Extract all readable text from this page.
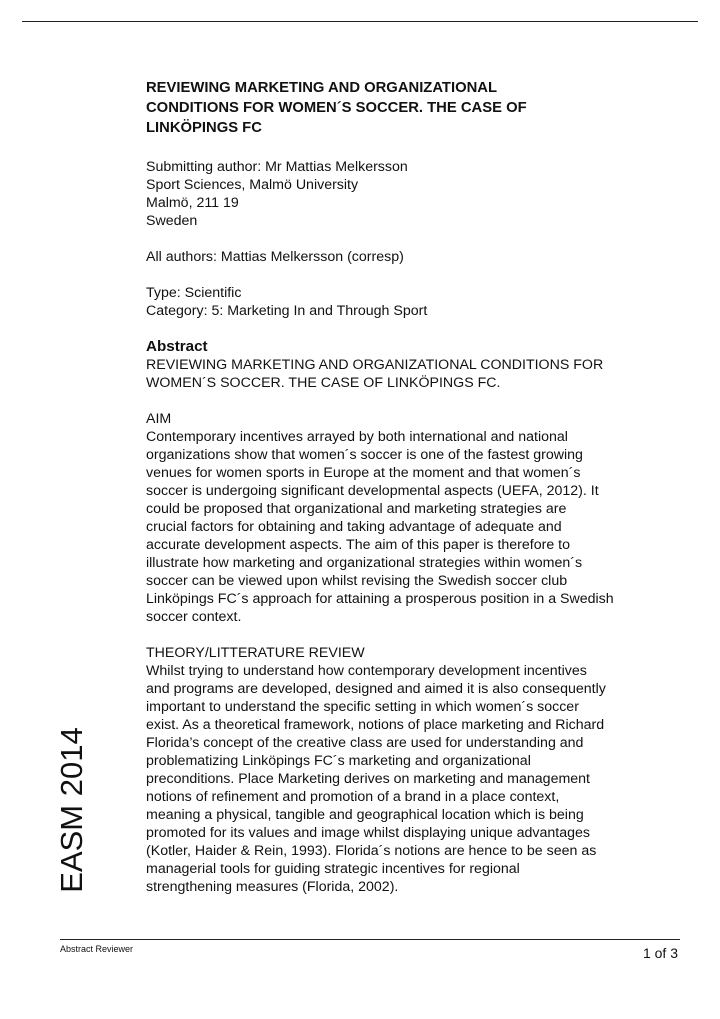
EASM 2014
REVIEWING MARKETING AND ORGANIZATIONAL
CONDITIONS FOR WOMEN´S SOCCER. THE CASE OF
LINKÖPINGS FC

Submitting author: Mr Mattias Melkersson

Sport Sciences, Malmö University

Malmö, 211 19

Sweden

All authors: Mattias Melkersson (corresp)

Type: Scientific

Category: 5: Marketing In and Through Sport

Abstract

REVIEWING MARKETING AND ORGANIZATIONAL CONDITIONS FOR

WOMEN´S SOCCER. THE CASE OF LINKÖPINGS FC.

AIM

Contemporary incentives arrayed by both international and national

organizations show that women´s soccer is one of the fastest growing

venues for women sports in Europe at the moment and that women´s

soccer is undergoing significant developmental aspects (UEFA, 2012). It

could be proposed that organizational and marketing strategies are

crucial factors for obtaining and taking advantage of adequate and

accurate development aspects. The aim of this paper is therefore to

illustrate how marketing and organizational strategies within women´s

soccer can be viewed upon whilst revising the Swedish soccer club

Linköpings FC´s approach for attaining a prosperous position in a Swedish

soccer context.

THEORY/LITTERATURE REVIEW

Whilst trying to understand how contemporary development incentives

and programs are developed, designed and aimed it is also consequently

important to understand the specific setting in which women´s soccer

exist. As a theoretical framework, notions of place marketing and Richard

Florida’s concept of the creative class are used for understanding and

problematizing Linköpings FC´s marketing and organizational

preconditions. Place Marketing derives on marketing and management

notions of refinement and promotion of a brand in a place context,

meaning a physical, tangible and geographical location which is being

promoted for its values and image whilst displaying unique advantages

(Kotler, Haider & Rein, 1993). Florida´s notions are hence to be seen as

managerial tools for guiding strategic incentives for regional

strengthening measures (Florida, 2002).

Abstract Reviewer	1 of 3
